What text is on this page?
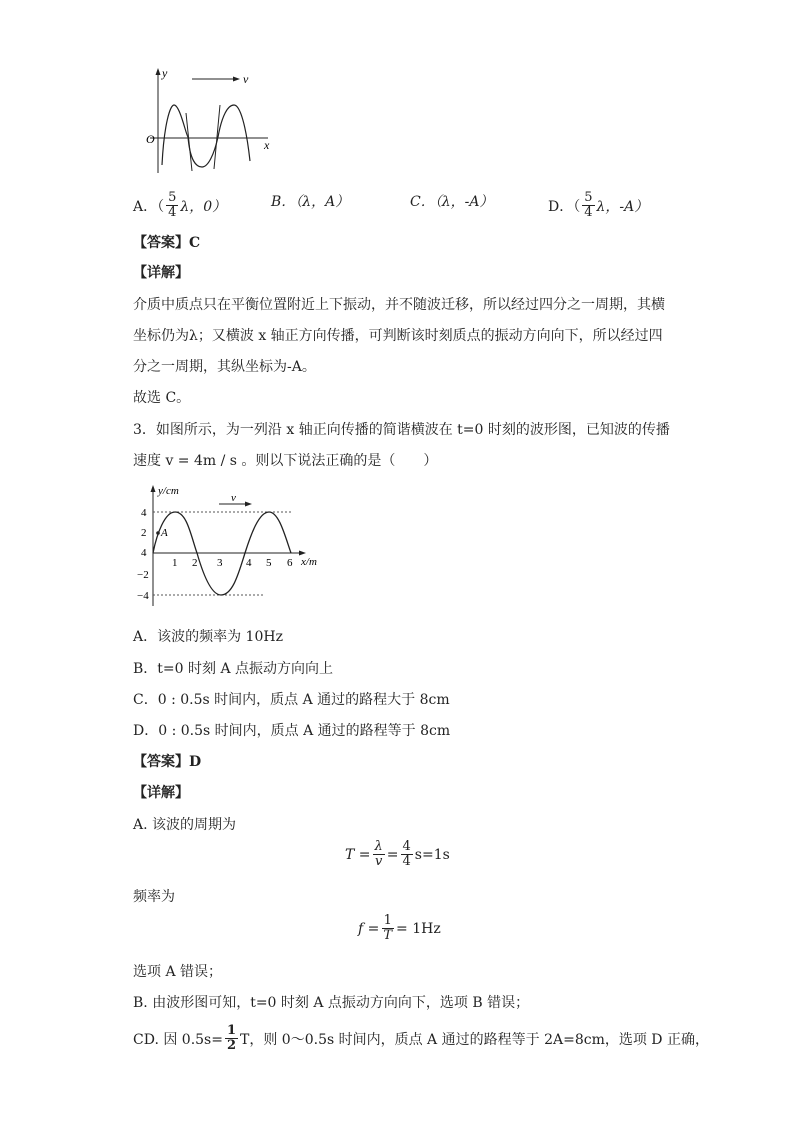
y	v
O	x
A．（ $\frac{5}{4}$ λ，0）	B．（λ，A）	C．（λ，-A）	D．（ $\frac{5}{4}$ λ，-A）
【答案】C
【详解】
介质中质点只在平衡位置附近上下振动，并不随波迁移，所以经过四分之一周期，其横
坐标仍为λ；又横波 x 轴正方向传播，可判断该时刻质点的振动方向向下，所以经过四
分之一周期，其纵坐标为-A。
故选 C。
3．如图所示，为一列沿 x 轴正向传播的简谐横波在 t=0 时刻的波形图，已知波的传播
速度 v = 4m / s 。则以下说法正确的是（　　）
y/cm
x/m
v
4
2
4
−2
−4
1 2 3 4 5 6
A
A．该波的频率为 10Hz
B．t=0 时刻 A 点振动方向向上
C．0 : 0.5s 时间内，质点 A 通过的路程大于 8cm
D．0 : 0.5s 时间内，质点 A 通过的路程等于 8cm
【答案】D
【详解】
A. 该波的周期为
$T = \frac{\lambda}{v} = \frac{4}{4} s=1s$
频率为
$f = \frac{1}{T} = 1Hz$
选项 A 错误；
B. 由波形图可知，t=0 时刻 A 点振动方向向下，选项 B 错误；
CD. 因 $0.5s= \frac{1}{2}$ T，则 0～0.5s 时间内，质点 A 通过的路程等于 2A=8cm，选项 D 正确，
